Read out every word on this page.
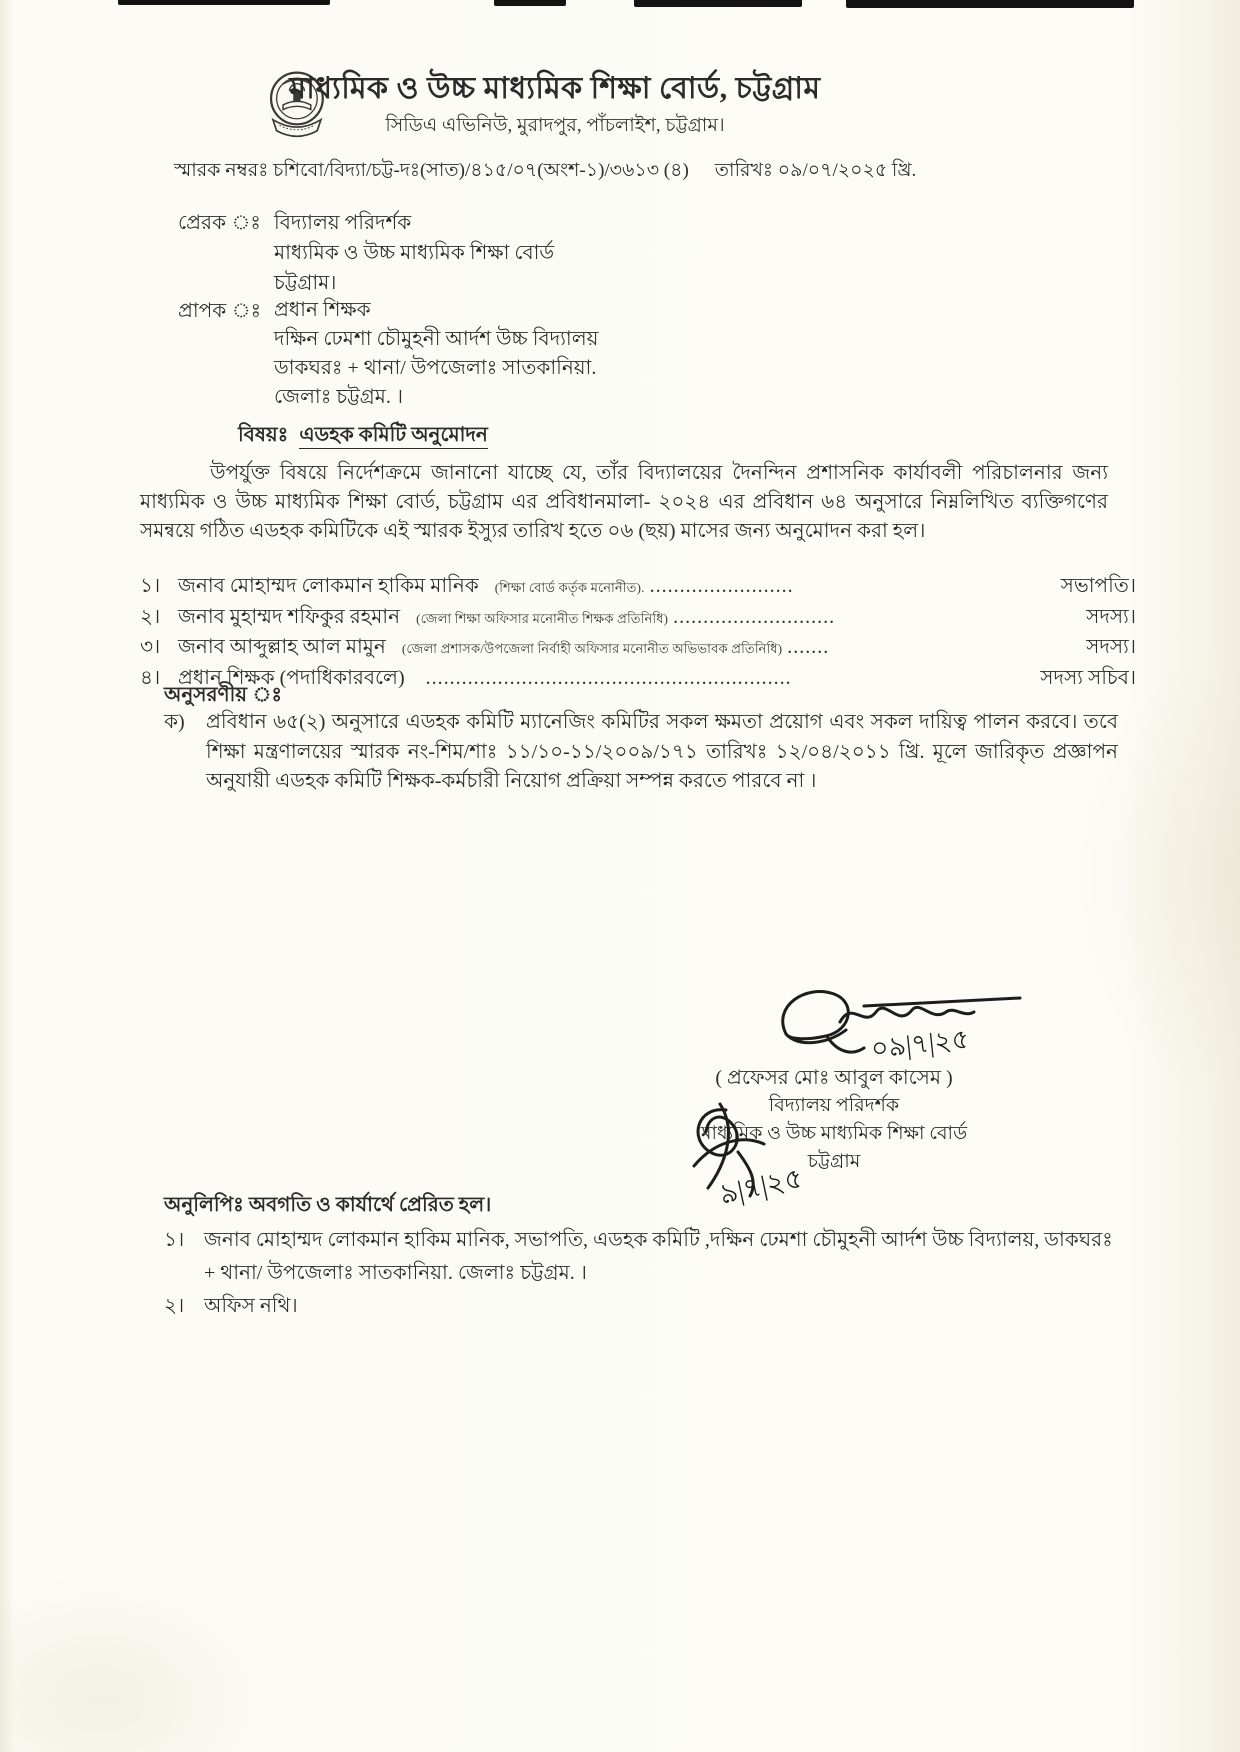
মাধ্যমিক ও উচ্চ মাধ্যমিক শিক্ষা বোর্ড, চট্টগ্রাম
সিডিএ এভিনিউ, মুরাদপুর, পাঁচলাইশ, চট্টগ্রাম।
স্মারক নম্বরঃ চশিবো/বিদ্যা/চট্ট-দঃ(সাত)/৪১৫/০৭(অংশ-১)/৩৬১৩ (৪) তারিখঃ ০৯/০৭/২০২৫ খ্রি.
প্রেরক ঃ বিদ্যালয় পরিদর্শক
মাধ্যমিক ও উচ্চ মাধ্যমিক শিক্ষা বোর্ড
চট্টগ্রাম।
প্রাপক ঃ প্রধান শিক্ষক
দক্ষিন ঢেমশা চৌমুহনী আর্দশ উচ্চ বিদ্যালয়
ডাকঘরঃ + থানা/ উপজেলাঃ সাতকানিয়া.
জেলাঃ চট্টগ্রম. ।
বিষয়ঃ এডহক কমিটি অনুমোদন
উপর্যুক্ত বিষয়ে নির্দেশক্রমে জানানো যাচ্ছে যে, তাঁর বিদ্যালয়ের দৈনন্দিন প্রশাসনিক কার্যাবলী পরিচালনার জন্য মাধ্যমিক ও উচ্চ মাধ্যমিক শিক্ষা বোর্ড, চট্টগ্রাম এর প্রবিধানমালা- ২০২৪ এর প্রবিধান ৬৪ অনুসারে নিম্নলিখিত ব্যক্তিগণের সমন্বয়ে গঠিত এডহক কমিটিকে এই স্মারক ইস্যুর তারিখ হতে ০৬ (ছয়) মাসের জন্য অনুমোদন করা হল।
১। জনাব মোহাম্মদ লোকমান হাকিম মানিক (শিক্ষা বোর্ড কর্তৃক মনোনীত). ........................	সভাপতি।
২। জনাব মুহাম্মদ শফিকুর রহমান (জেলা শিক্ষা অফিসার মনোনীত শিক্ষক প্রতিনিধি) ...........................	সদস্য।
৩। জনাব আব্দুল্লাহ আল মামুন (জেলা প্রশাসক/উপজেলা নির্বাহী অফিসার মনোনীত অভিভাবক প্রতিনিধি) .......	সদস্য।
৪। প্রধান শিক্ষক (পদাধিকারবলে) .............................................................	সদস্য সচিব।
অনুসরণীয় ঃ
ক)	প্রবিধান ৬৫(২) অনুসারে এডহক কমিটি ম্যানেজিং কমিটির সকল ক্ষমতা প্রয়োগ এবং সকল দায়িত্ব পালন করবে। তবে শিক্ষা মন্ত্রণালয়ের স্মারক নং-শিম/শাঃ ১১/১০-১১/২০০৯/১৭১ তারিখঃ ১২/০৪/২০১১ খ্রি. মূলে জারিকৃত প্রজ্ঞাপন অনুযায়ী এডহক কমিটি শিক্ষক-কর্মচারী নিয়োগ প্রক্রিয়া সম্পন্ন করতে পারবে না ।
০৯|৭|২৫
( প্রফেসর মোঃ আবুল কাসেম )
বিদ্যালয় পরিদর্শক
মাধ্যমিক ও উচ্চ মাধ্যমিক শিক্ষা বোর্ড
চট্টগ্রাম
৯|৭|২৫
অনুলিপিঃ অবগতি ও কার্যার্থে প্রেরিত হল।
১। জনাব মোহাম্মদ লোকমান হাকিম মানিক, সভাপতি, এডহক কমিটি ,দক্ষিন ঢেমশা চৌমুহনী আর্দশ উচ্চ বিদ্যালয়, ডাকঘরঃ + থানা/ উপজেলাঃ সাতকানিয়া. জেলাঃ চট্টগ্রম. ।
২। অফিস নথি।
